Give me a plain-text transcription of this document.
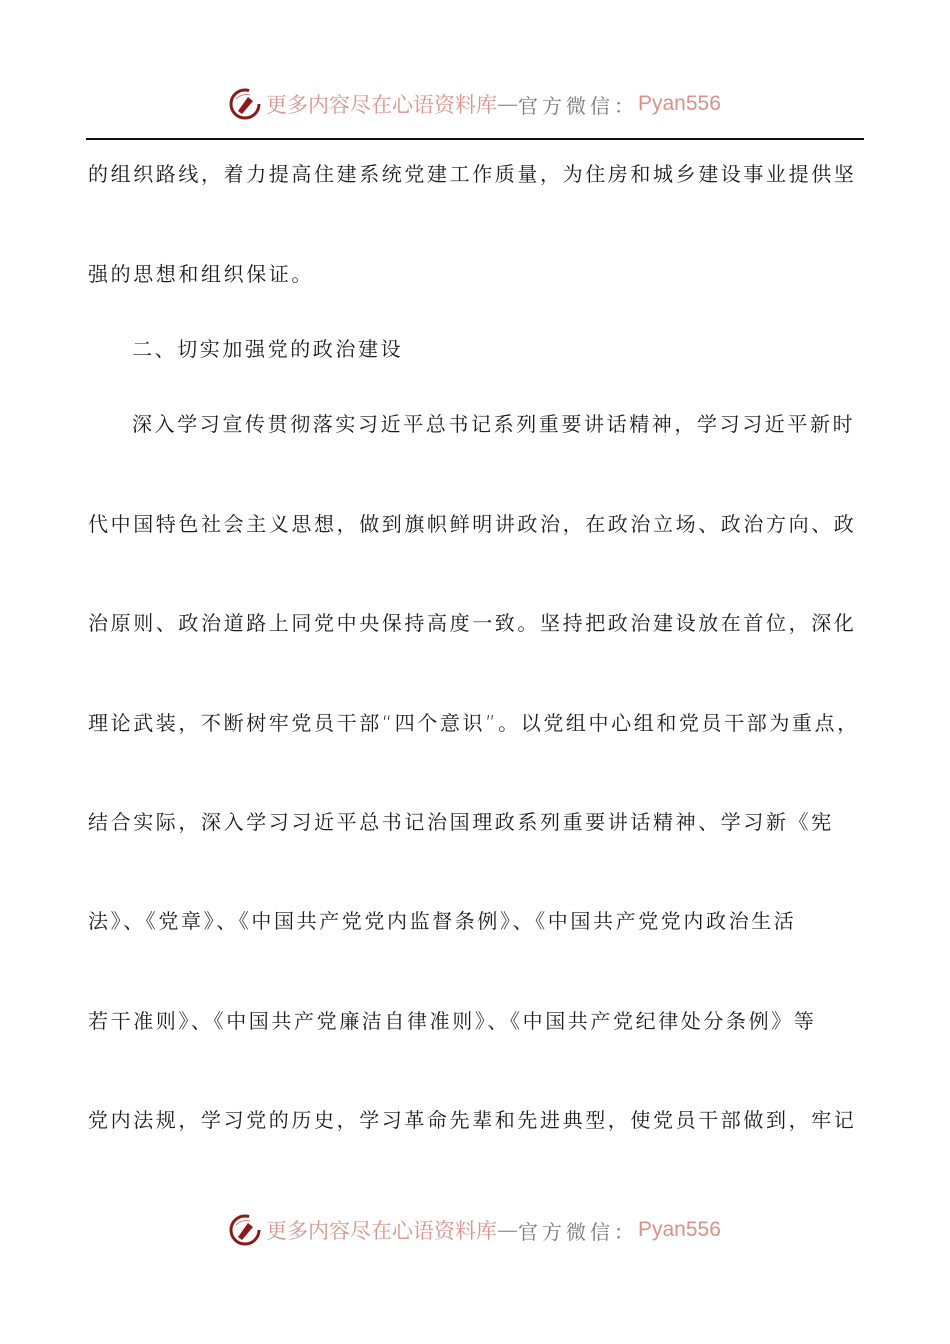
更多内容尽在心语资料库 — 官方微信： Pyan556
的组织路线，着力提高住建系统党建工作质量，为住房和城乡建设事业提供坚
强的思想和组织保证。
二、切实加强党的政治建设
深入学习宣传贯彻落实习近平总书记系列重要讲话精神，学习习近平新时
代中国特色社会主义思想，做到旗帜鲜明讲政治，在政治立场、政治方向、政
治原则、政治道路上同党中央保持高度一致。坚持把政治建设放在首位，深化
理论武装，不断树牢党员干部“四个意识”。以党组中心组和党员干部为重点，
结合实际，深入学习习近平总书记治国理政系列重要讲话精神、学习新《宪
法》、《党章》、《中国共产党党内监督条例》、《中国共产党党内政治生活
若干准则》、《中国共产党廉洁自律准则》、《中国共产党纪律处分条例》等
党内法规，学习党的历史，学习革命先辈和先进典型，使党员干部做到，牢记
更多内容尽在心语资料库 — 官方微信： Pyan556
